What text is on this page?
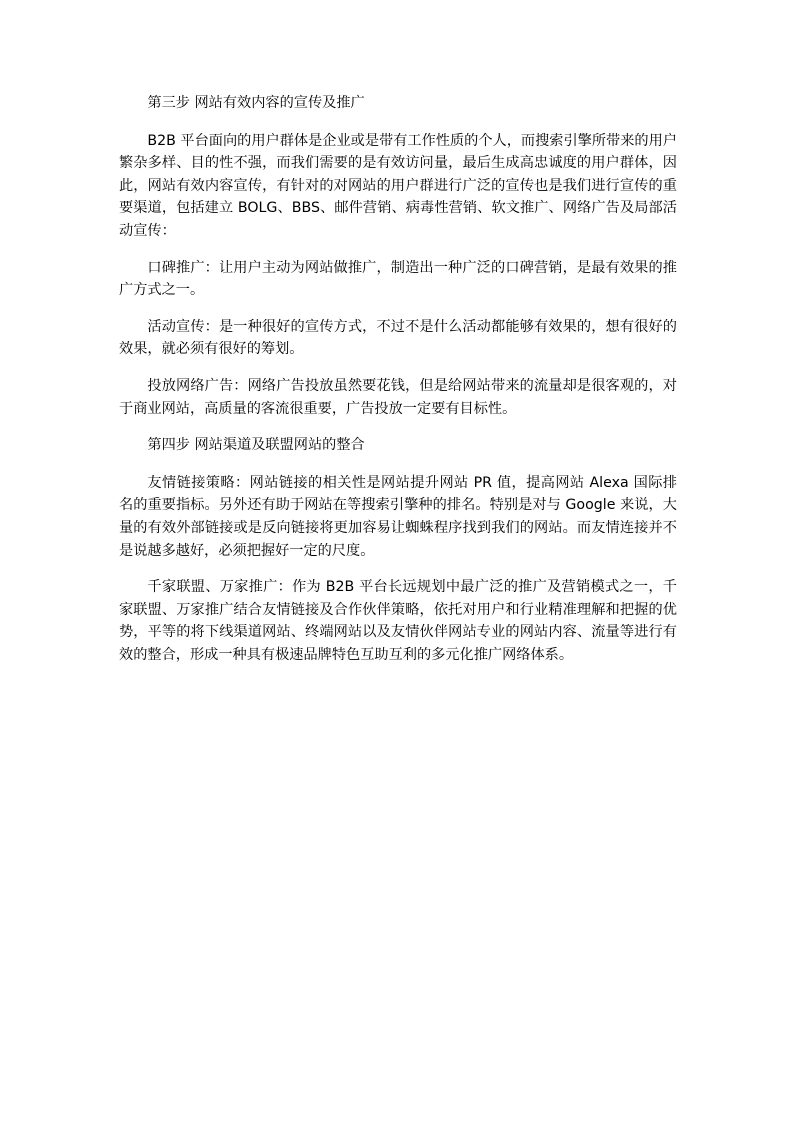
第三步 网站有效内容的宣传及推广

B2B 平台面向的用户群体是企业或是带有工作性质的个人，而搜索引擎所带来的用户繁杂多样、目的性不强，而我们需要的是有效访问量，最后生成高忠诚度的用户群体，因此，网站有效内容宣传，有针对的对网站的用户群进行广泛的宣传也是我们进行宣传的重要渠道，包括建立 BOLG、BBS、邮件营销、病毒性营销、软文推广、网络广告及局部活动宣传：

口碑推广：让用户主动为网站做推广，制造出一种广泛的口碑营销，是最有效果的推广方式之一。

活动宣传：是一种很好的宣传方式，不过不是什么活动都能够有效果的，想有很好的效果，就必须有很好的筹划。

投放网络广告：网络广告投放虽然要花钱，但是给网站带来的流量却是很客观的，对于商业网站，高质量的客流很重要，广告投放一定要有目标性。

第四步 网站渠道及联盟网站的整合

友情链接策略：网站链接的相关性是网站提升网站 PR 值，提高网站 Alexa 国际排名的重要指标。另外还有助于网站在等搜索引擎种的排名。特别是对与 Google 来说，大量的有效外部链接或是反向链接将更加容易让蜘蛛程序找到我们的网站。而友情连接并不是说越多越好，必须把握好一定的尺度。

千家联盟、万家推广：作为 B2B 平台长远规划中最广泛的推广及营销模式之一，千家联盟、万家推广结合友情链接及合作伙伴策略，依托对用户和行业精准理解和把握的优势，平等的将下线渠道网站、终端网站以及友情伙伴网站专业的网站内容、流量等进行有效的整合，形成一种具有极速品牌特色互助互利的多元化推广网络体系。
